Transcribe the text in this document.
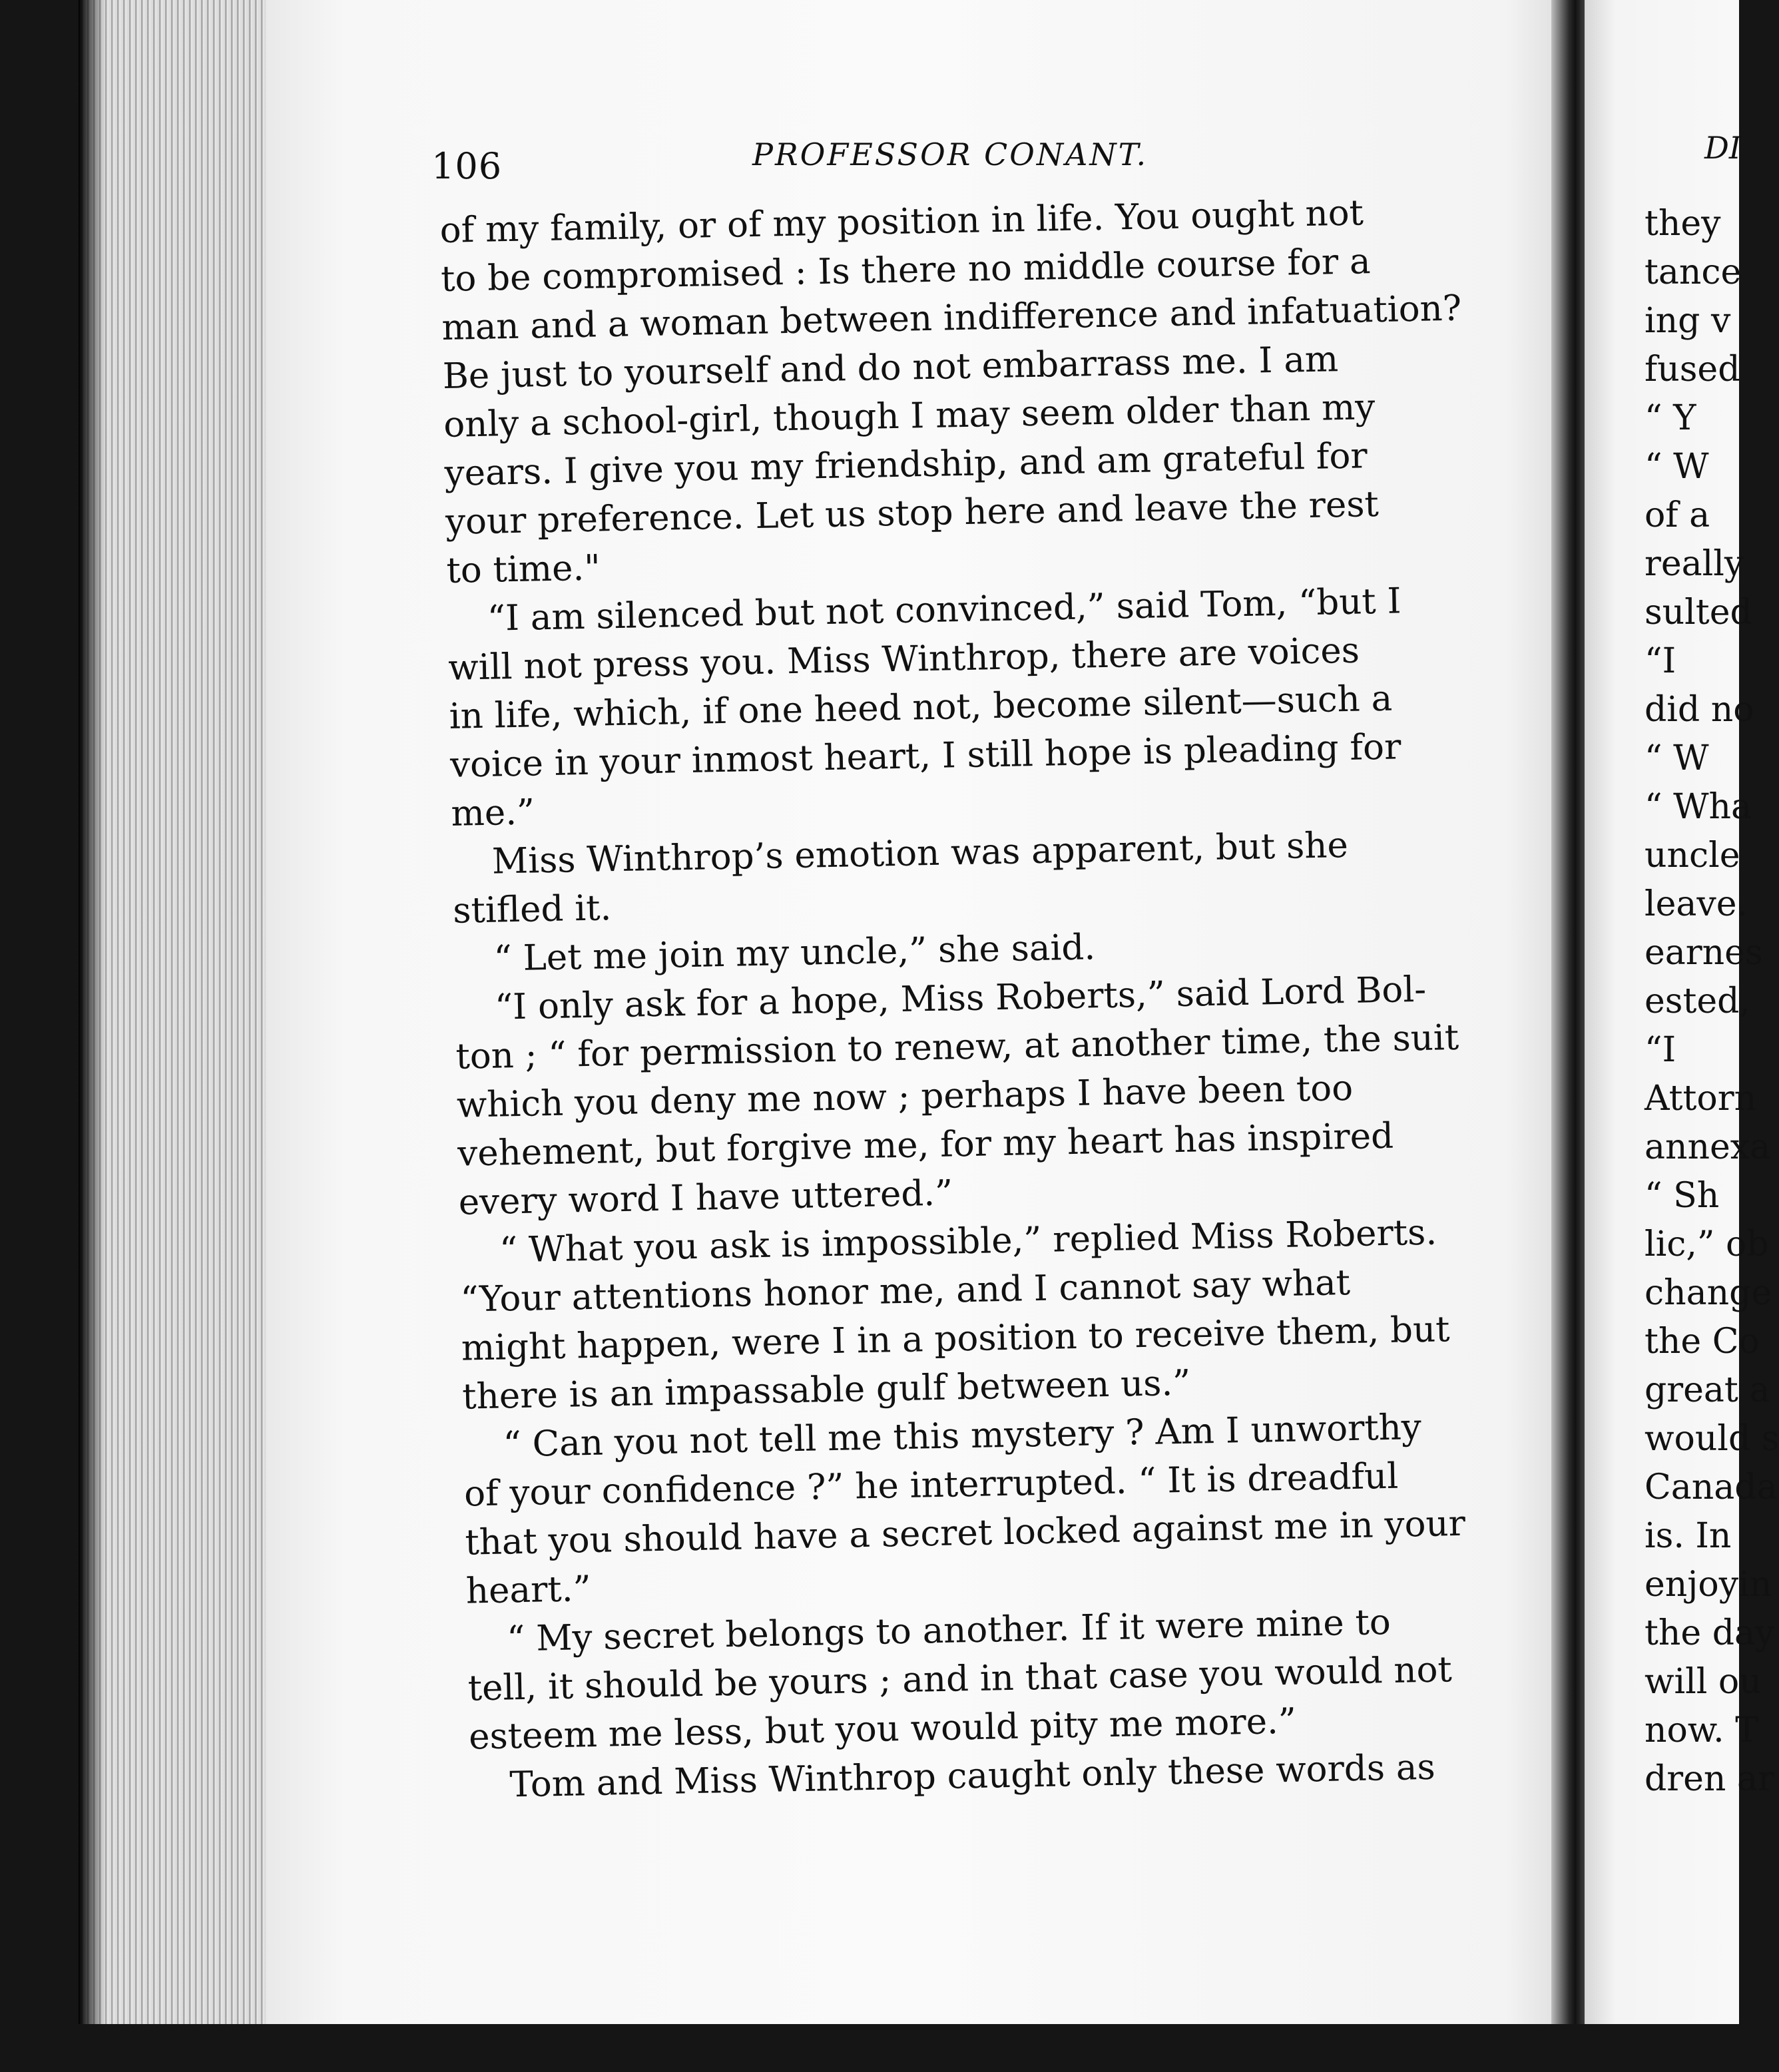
106	PROFESSOR CONANT.
of my family, or of my position in life. You ought not
to be compromised : Is there no middle course for a
man and a woman between indifference and infatuation?
Be just to yourself and do not embarrass me. I am
only a school-girl, though I may seem older than my
years. I give you my friendship, and am grateful for
your preference. Let us stop here and leave the rest
to time."
“I am silenced but not convinced,” said Tom, “but I
will not press you. Miss Winthrop, there are voices
in life, which, if one heed not, become silent—such a
voice in your inmost heart, I still hope is pleading for
me.”
Miss Winthrop’s emotion was apparent, but she
stifled it.
“ Let me join my uncle,” she said.
“I only ask for a hope, Miss Roberts,” said Lord Bol-
ton ; “ for permission to renew, at another time, the suit
which you deny me now ; perhaps I have been too
vehement, but forgive me, for my heart has inspired
every word I have uttered.”
“ What you ask is impossible,” replied Miss Roberts.
“Your attentions honor me, and I cannot say what
might happen, were I in a position to receive them, but
there is an impassable gulf between us.”
“ Can you not tell me this mystery ? Am I unworthy
of your confidence ?” he interrupted. “ It is dreadful
that you should have a secret locked against me in your
heart.”
“ My secret belongs to another. If it were mine to
tell, it should be yours ; and in that case you would not
esteem me less, but you would pity me more.”
Tom and Miss Winthrop caught only these words as
DI
they
tance
ing v
fused
“ Y
“ W
of a
really
sulted
“I
did no
“ W
“ Wha
uncle
leave.
earnes
ested,
“I
Attorn
annexa
“ Sh
lic,” ob
change
the Co
great a
would s
Canada
is. In
enjoyin
the day
will ou
now. T
dren ar
